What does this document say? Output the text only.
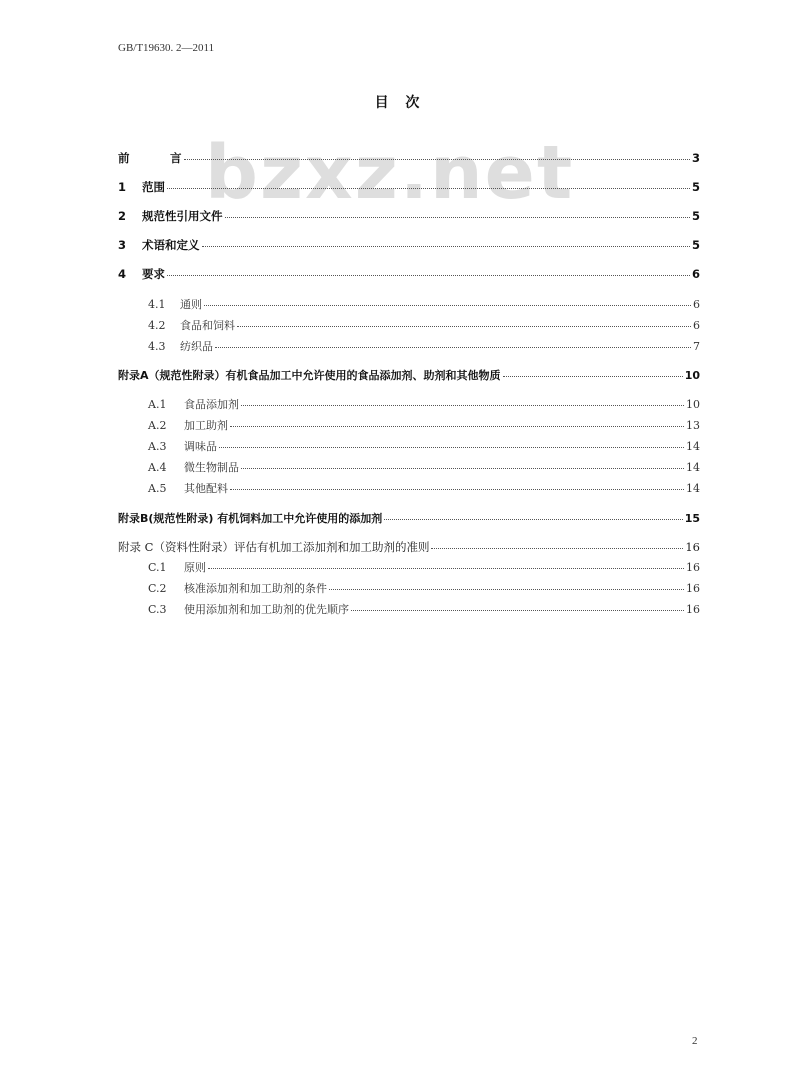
GB/T19630. 2—2011
目 次
bzxz.net
前	言	3
1	范围	5
2	规范性引用文件	5
3	术语和定义	5
4	要求	6
4.1	通则	6
4.2	食品和饲料	6
4.3	纺织品	7
附录A（规范性附录）有机食品加工中允许使用的食品添加剂、助剂和其他物质	10
A.1	食品添加剂	10
A.2	加工助剂	13
A.3	调味品	14
A.4	微生物制品	14
A.5	其他配料	14
附录B(规范性附录) 有机饲料加工中允许使用的添加剂	15
附录 C（资料性附录）评估有机加工添加剂和加工助剂的准则	16
C.1	原则	16
C.2	核准添加剂和加工助剂的条件	16
C.3	使用添加剂和加工助剂的优先顺序	16
2
